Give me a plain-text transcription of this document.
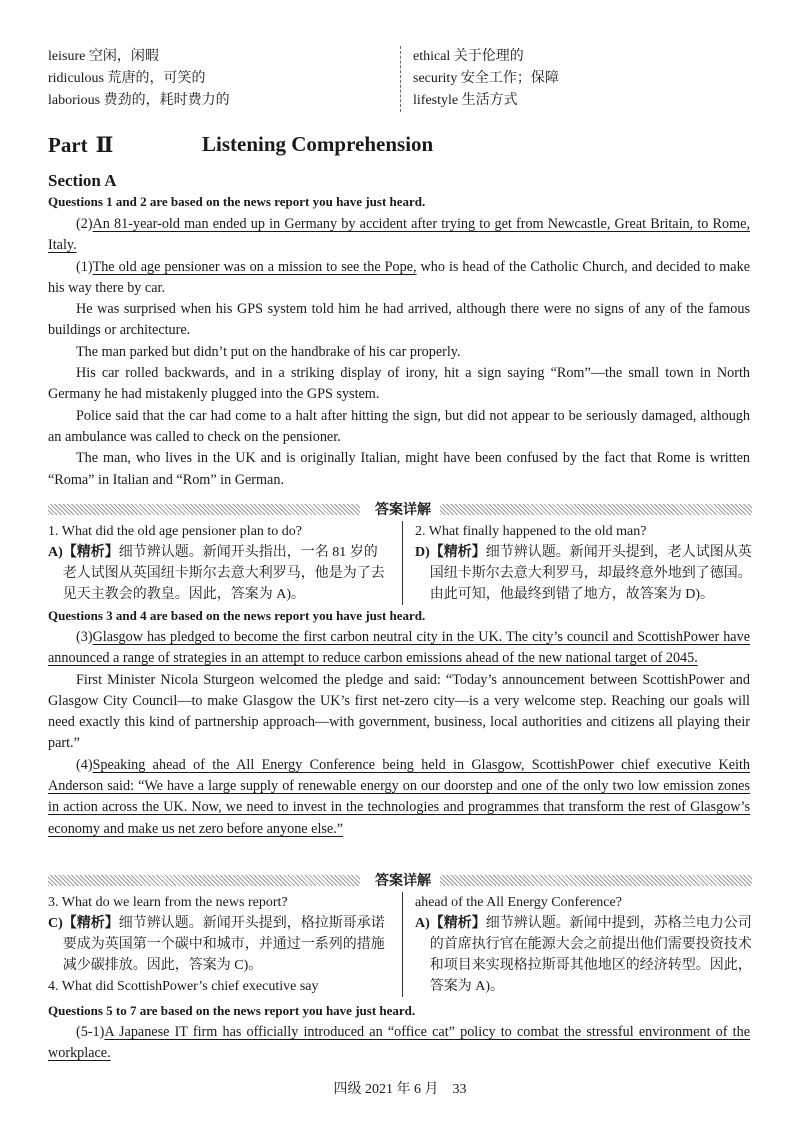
leisure 空闲，闲暇
ridiculous 荒唐的，可笑的
laborious 费劲的，耗时费力的
ethical 关于伦理的
security 安全工作；保障
lifestyle 生活方式
Part Ⅱ	Listening Comprehension
Section A
Questions 1 and 2 are based on the news report you have just heard.

(2)An 81-year-old man ended up in Germany by accident after trying to get from Newcastle, Great Britain, to Rome, Italy.

(1)The old age pensioner was on a mission to see the Pope, who is head of the Catholic Church, and decided to make his way there by car.

He was surprised when his GPS system told him he had arrived, although there were no signs of any of the famous buildings or architecture.

The man parked but didn’t put on the handbrake of his car properly.

His car rolled backwards, and in a striking display of irony, hit a sign saying “Rom”—the small town in North Germany he had mistakenly plugged into the GPS system.

Police said that the car had come to a halt after hitting the sign, but did not appear to be seriously damaged, although an ambulance was called to check on the pensioner.

The man, who lives in the UK and is originally Italian, might have been confused by the fact that Rome is written “Roma” in Italian and “Rom” in German.

答案详解
1. What did the old age pensioner plan to do?
A) 【精析】细节辨认题。新闻开头指出，一名 81 岁的老人试图从英国纽卡斯尔去意大利罗马，他是为了去见天主教会的教皇。因此，答案为 A)。
2. What finally happened to the old man?
D) 【精析】细节辨认题。新闻开头提到，老人试图从英国纽卡斯尔去意大利罗马，却最终意外地到了德国。由此可知，他最终到错了地方，故答案为 D)。
Questions 3 and 4 are based on the news report you have just heard.

(3)Glasgow has pledged to become the first carbon neutral city in the UK. The city’s council and ScottishPower have announced a range of strategies in an attempt to reduce carbon emissions ahead of the new national target of 2045.

First Minister Nicola Sturgeon welcomed the pledge and said: “Today’s announcement between ScottishPower and Glasgow City Council—to make Glasgow the UK’s first net-zero city—is a very welcome step. Reaching our goals will need exactly this kind of partnership approach—with government, business, local authorities and citizens all playing their part.”

(4)Speaking ahead of the All Energy Conference being held in Glasgow, ScottishPower chief executive Keith Anderson said: “We have a large supply of renewable energy on our doorstep and one of the only two low emission zones in action across the UK. Now, we need to invest in the technologies and programmes that transform the rest of Glasgow’s economy and make us net zero before anyone else.”

答案详解
3. What do we learn from the news report?
C) 【精析】细节辨认题。新闻开头提到，格拉斯哥承诺要成为英国第一个碳中和城市，并通过一系列的措施减少碳排放。因此，答案为 C)。
4. What did ScottishPower’s chief executive say
ahead of the All Energy Conference?
A) 【精析】细节辨认题。新闻中提到，苏格兰电力公司的首席执行官在能源大会之前提出他们需要投资技术和项目来实现格拉斯哥其他地区的经济转型。因此，答案为 A)。
Questions 5 to 7 are based on the news report you have just heard.

(5-1)A Japanese IT firm has officially introduced an “office cat” policy to combat the stressful environment of the workplace.

四级 2021 年 6 月　33
